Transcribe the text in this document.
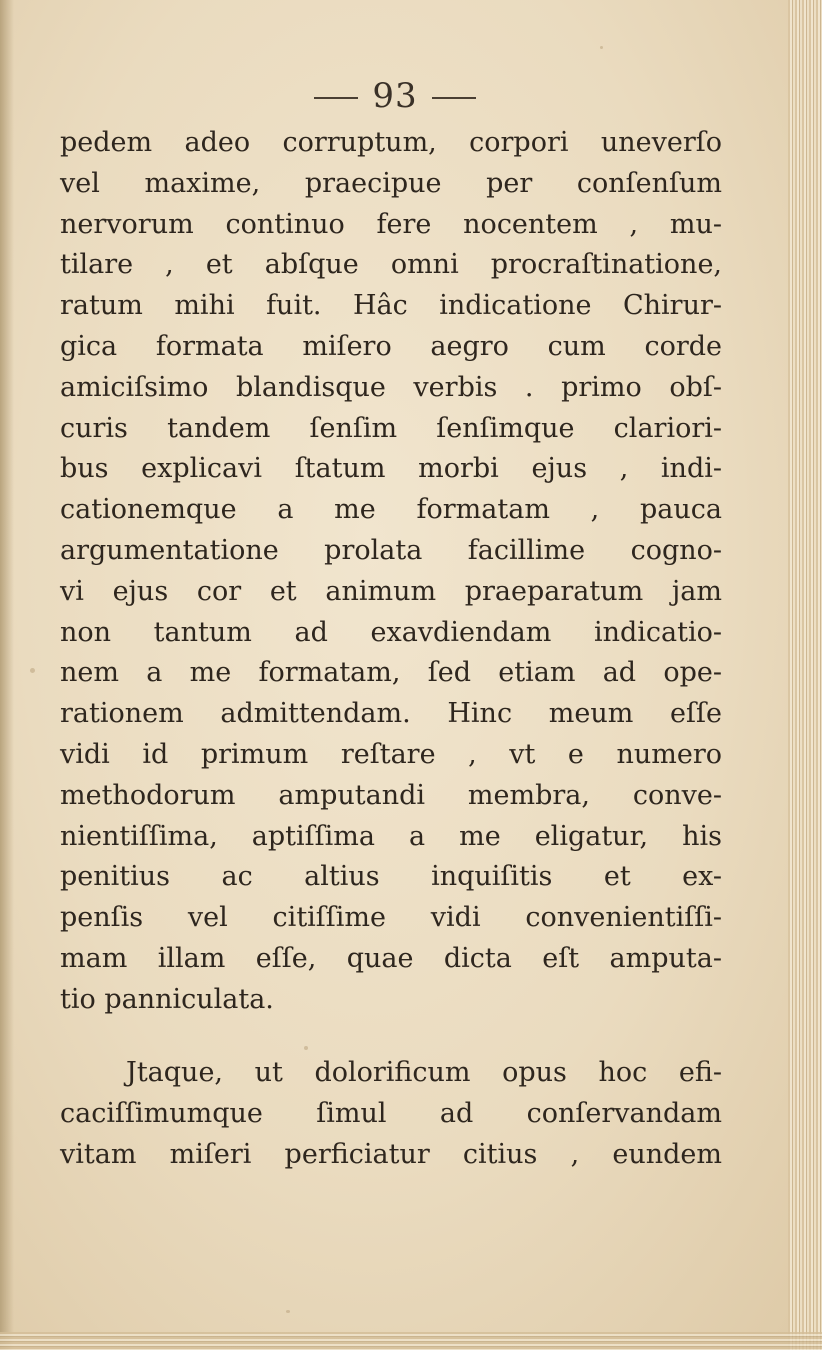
93
pedem adeo corruptum, corpori uneverſo
vel maxime, praecipue per conſenſum
nervorum continuo fere nocentem , mu-
tilare , et abſque omni procraſtinatione,
ratum mihi fuit. Hâc indicatione Chirur-
gica formata miſero aegro cum corde
amiciſsimo blandisque verbis . primo obſ-
curis tandem ſenſim ſenſimque clariori-
bus explicavi ſtatum morbi ejus , indi-
cationemque a me formatam , pauca
argumentatione prolata facillime cogno-
vi ejus cor et animum praeparatum jam
non tantum ad exavdiendam indicatio-
nem a me formatam, ſed etiam ad ope-
rationem admittendam. Hinc meum eſſe
vidi id primum reſtare , vt e numero
methodorum amputandi membra, conve-
nientiſſima, aptiſſima a me eligatur, his
penitius ac altius inquiſitis et ex-
penſis vel citiſſime vidi convenientiſſi-
mam illam eſſe, quae dicta eſt amputa-
tio panniculata.
Jtaque, ut dolorificum opus hoc efi-
caciſſimumque ſimul ad conſervandam
vitam miſeri perficiatur citius , eundem
